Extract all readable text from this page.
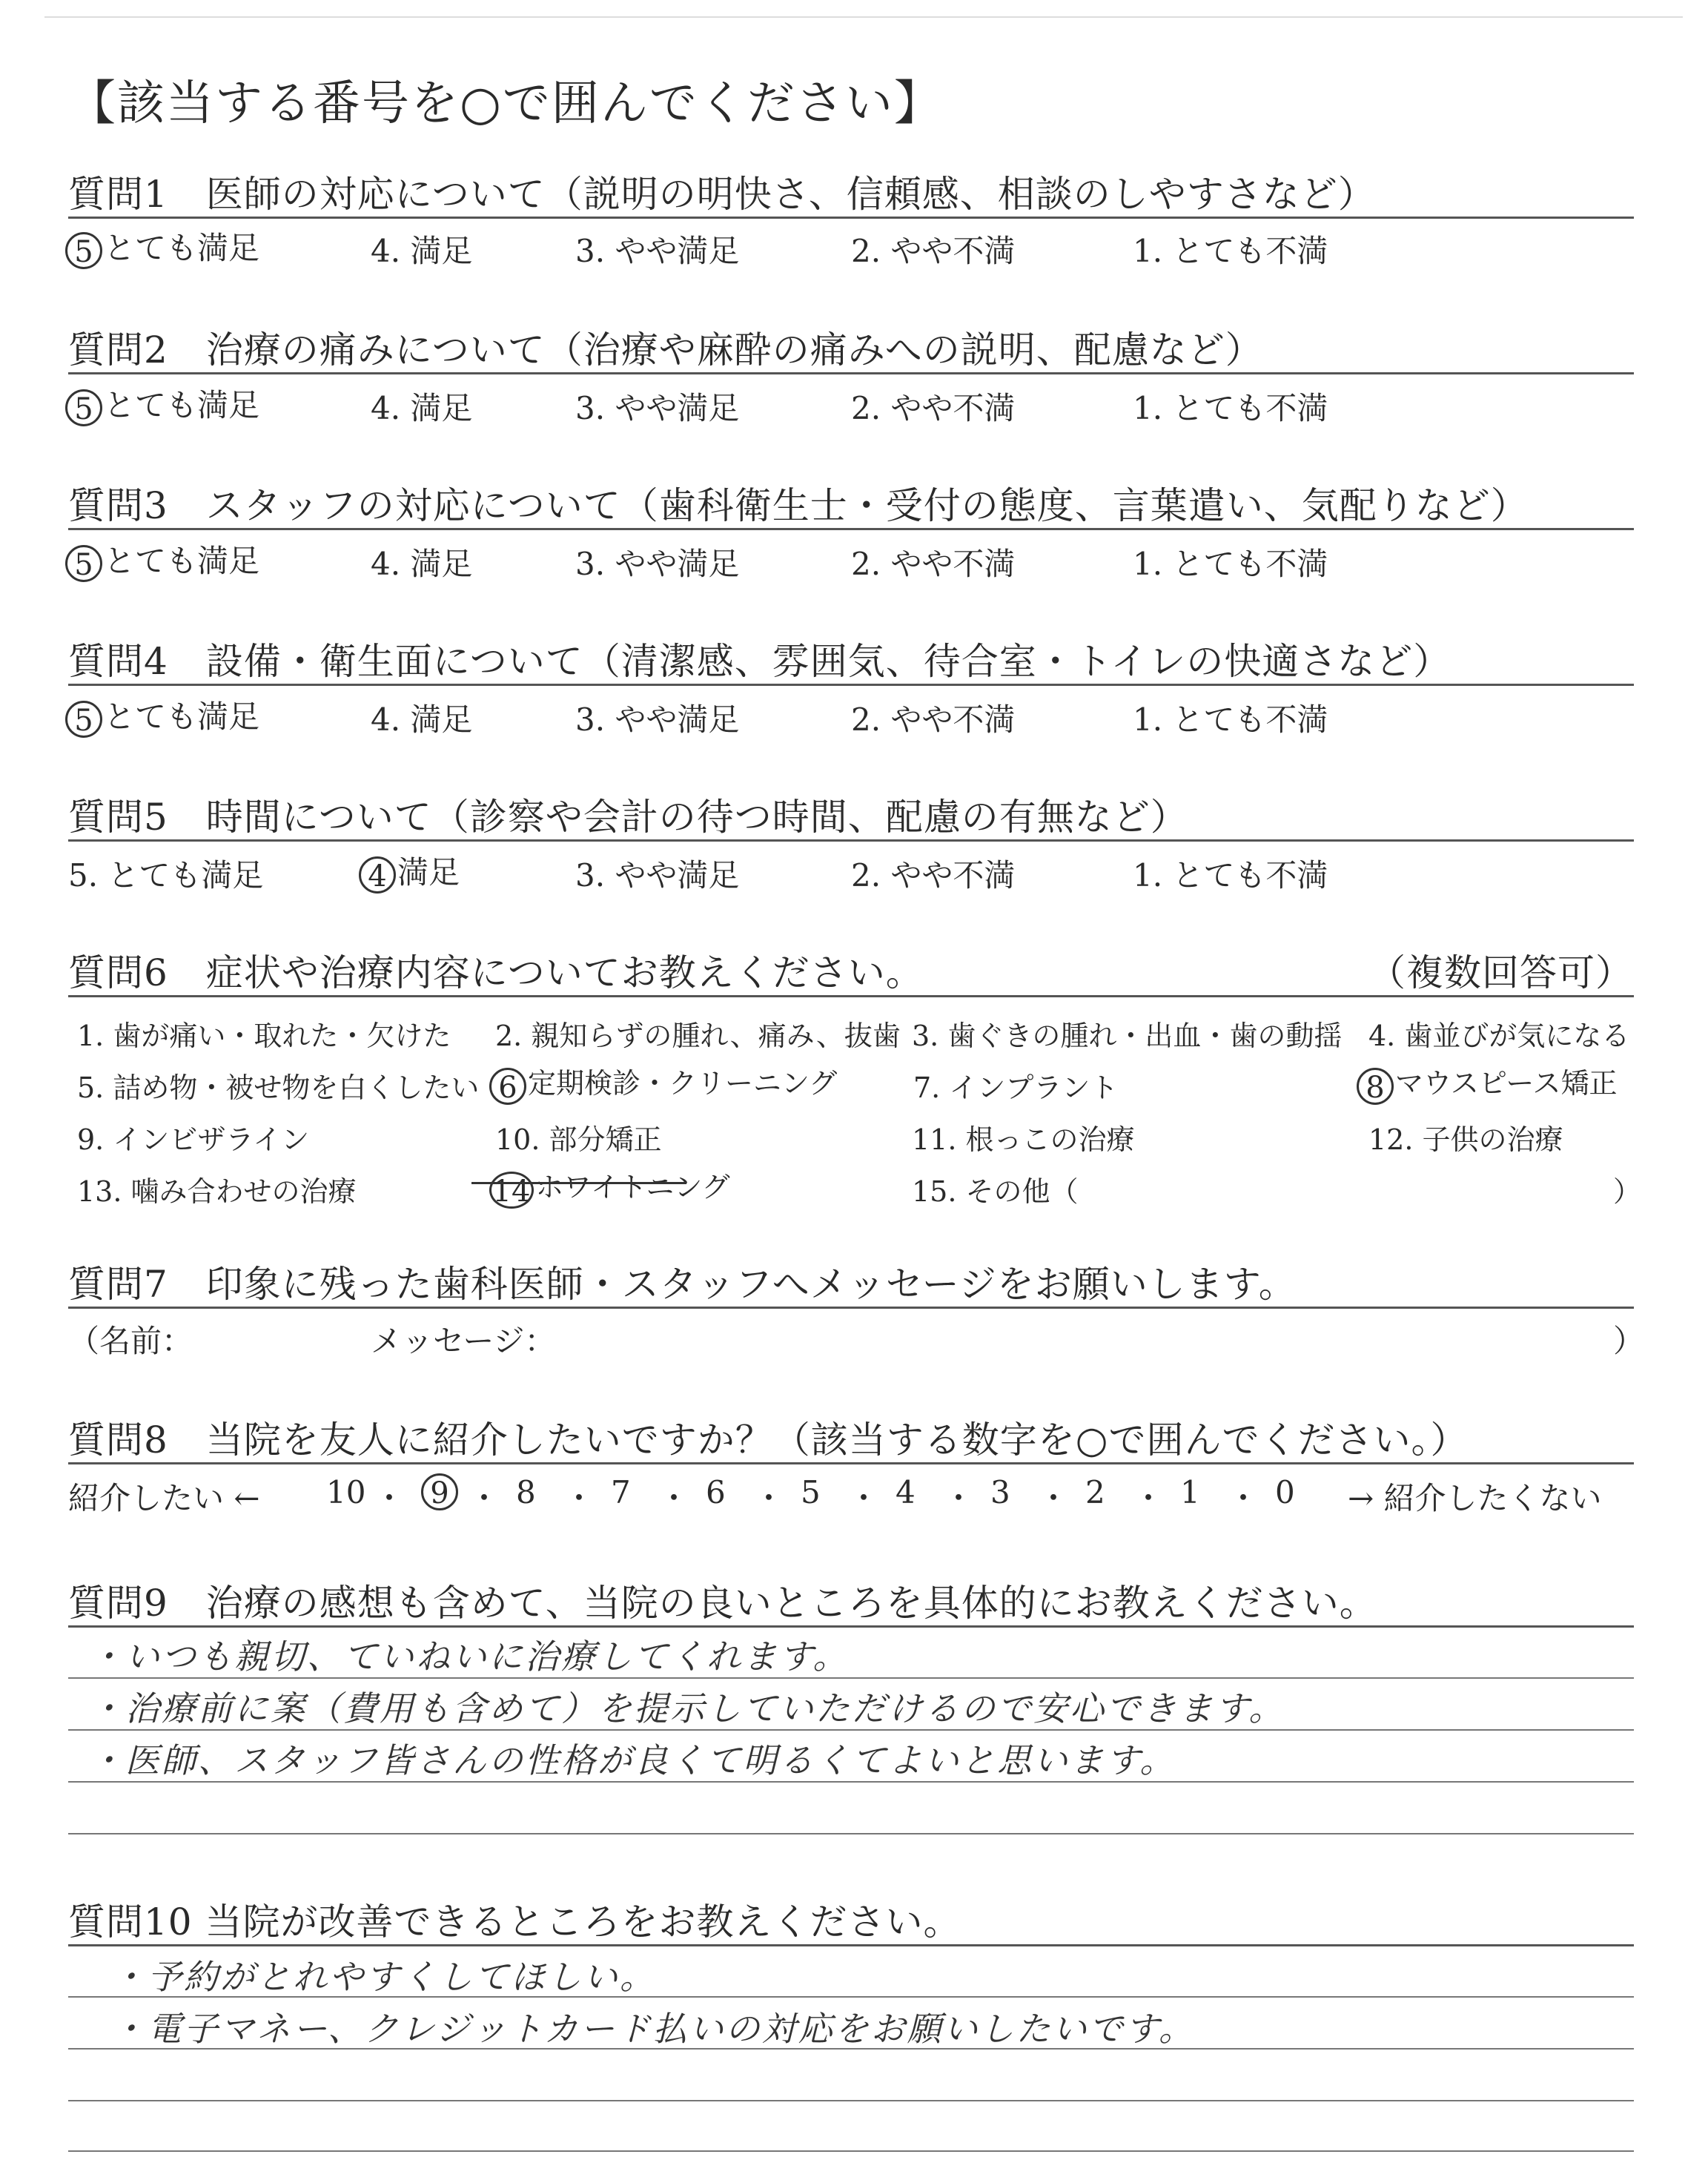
【該当する番号を○で囲んでください】
質問1　医師の対応について（説明の明快さ、信頼感、相談のしやすさなど）
5 とても満足	4. 満足	3. やや満足	2. やや不満	1. とても不満
質問2　治療の痛みについて（治療や麻酔の痛みへの説明、配慮など）
5 とても満足	4. 満足	3. やや満足	2. やや不満	1. とても不満
質問3　スタッフの対応について（歯科衛生士・受付の態度、言葉遣い、気配りなど）
5 とても満足	4. 満足	3. やや満足	2. やや不満	1. とても不満
質問4　設備・衛生面について（清潔感、雰囲気、待合室・トイレの快適さなど）
5 とても満足	4. 満足	3. やや満足	2. やや不満	1. とても不満
質問5　時間について（診察や会計の待つ時間、配慮の有無など）
5. とても満足	4 満足	3. やや満足	2. やや不満	1. とても不満
質問6　症状や治療内容についてお教えください。	（複数回答可）
1. 歯が痛い・取れた・欠けた 2. 親知らずの腫れ、痛み、抜歯 3. 歯ぐきの腫れ・出血・歯の動揺 4. 歯並びが気になる
5. 詰め物・被せ物を白くしたい 6 定期検診・クリーニング	7. インプラント	8 マウスピース矯正
9. インビザライン	10. 部分矯正	11. 根っこの治療	12. 子供の治療
13. 噛み合わせの治療	14 ホワイトニング	15. その他（	）
質問7　印象に残った歯科医師・スタッフへメッセージをお願いします。
（名前：	メッセージ：	）
質問8　当院を友人に紹介したいですか？（該当する数字を○で囲んでください。）
紹介したい ← 10 ・ 9 ・ 8 ・ 7 ・ 6 ・ 5 ・ 4 ・ 3 ・ 2 ・ 1 ・ 0 → 紹介したくない
質問9　治療の感想も含めて、当院の良いところを具体的にお教えください。
・いつも親切、ていねいに治療してくれます。
・治療前に案（費用も含めて）を提示していただけるので安心できます。
・医師、スタッフ皆さんの性格が良くて明るくてよいと思います。
質問10 当院が改善できるところをお教えください。
・予約がとれやすくしてほしい。
・電子マネー、クレジットカード払いの対応をお願いしたいです。
